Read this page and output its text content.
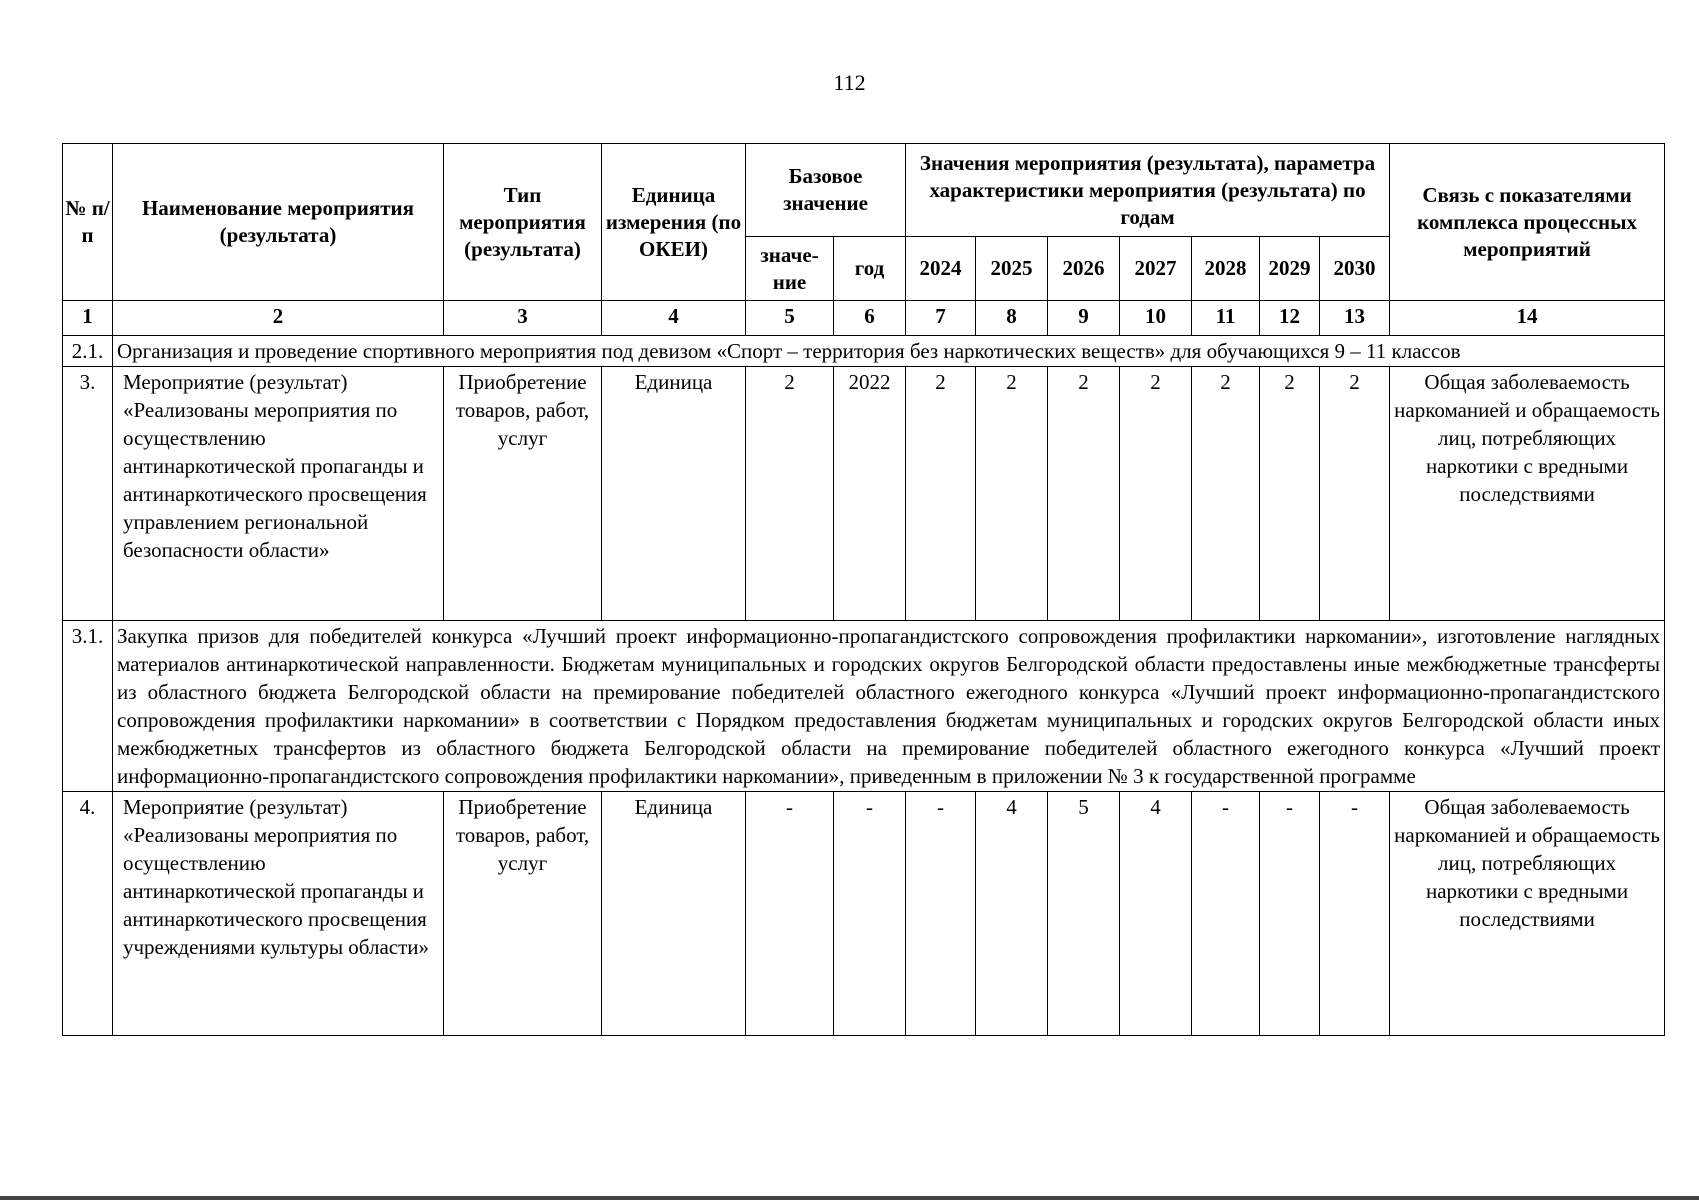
112
№ п/п	Наименование мероприятия (результата)	Тип мероприятия (результата)	Единица измерения (по ОКЕИ)	Базовое значение		Значения мероприятия (результата), параметра характеристики мероприятия (результата) по годам							Связь с показателями комплекса процессных мероприятий
				значе-ние	год	2024	2025	2026	2027	2028	2029	2030	
1	2	3	4	5	6	7	8	9	10	11	12	13	14
2.1.	Организация и проведение спортивного мероприятия под девизом «Спорт – территория без наркотических веществ» для обучающихся 9 – 11 классов												
3.	Мероприятие (результат) «Реализованы мероприятия по осуществлению антинаркотической пропаганды и антинаркотического просвещения управлением региональной безопасности области»	Приобретение товаров, работ, услуг	Единица	2	2022	2	2	2	2	2	2	2	Общая заболеваемость наркоманией и обращаемость лиц, потребляющих наркотики с вредными последствиями
3.1.	Закупка призов для победителей конкурса «Лучший проект информационно-пропагандистского сопровождения профилактики наркомании», изготовление наглядных материалов антинаркотической направленности. Бюджетам муниципальных и городских округов Белгородской области предоставлены иные межбюджетные трансферты из областного бюджета Белгородской области на премирование победителей областного ежегодного конкурса «Лучший проект информационно-пропагандистского сопровождения профилактики наркомании» в соответствии с Порядком предоставления бюджетам муниципальных и городских округов Белгородской области иных межбюджетных трансфертов из областного бюджета Белгородской области на премирование победителей областного ежегодного конкурса «Лучший проект информационно-пропагандистского сопровождения профилактики наркомании», приведенным в приложении № 3 к государственной программе												
4.	Мероприятие (результат) «Реализованы мероприятия по осуществлению антинаркотической пропаганды и антинаркотического просвещения учреждениями культуры области»	Приобретение товаров, работ, услуг	Единица	-	-	-	4	5	4	-	-	-	Общая заболеваемость наркоманией и обращаемость лиц, потребляющих наркотики с вредными последствиями
